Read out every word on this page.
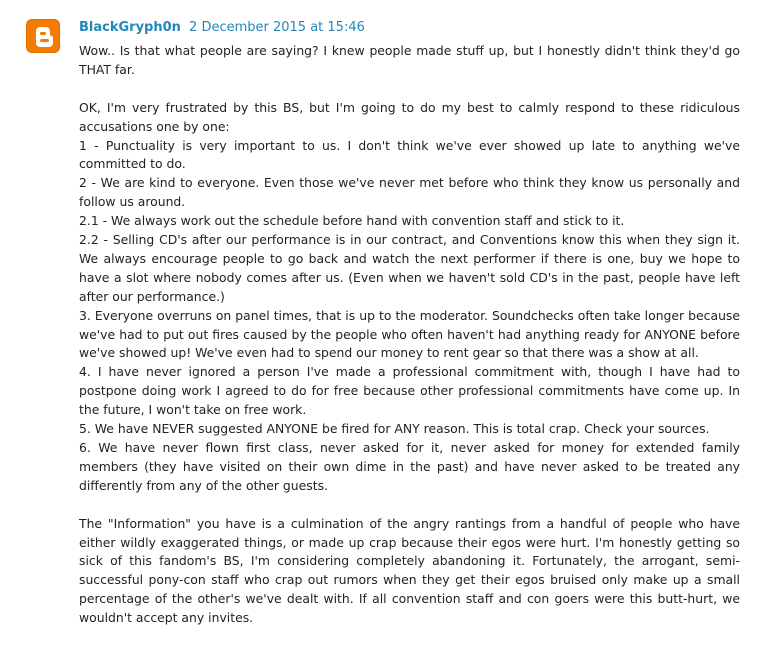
BlackGryph0n 2 December 2015 at 15:46

Wow.. Is that what people are saying? I knew people made stuff up, but I honestly didn't think they'd go THAT far.

OK, I'm very frustrated by this BS, but I'm going to do my best to calmly respond to these ridiculous accusations one by one:

1 - Punctuality is very important to us. I don't think we've ever showed up late to anything we've committed to do.

2 - We are kind to everyone. Even those we've never met before who think they know us personally and follow us around.

2.1 - We always work out the schedule before hand with convention staff and stick to it.

2.2 - Selling CD's after our performance is in our contract, and Conventions know this when they sign it. We always encourage people to go back and watch the next performer if there is one, buy we hope to have a slot where nobody comes after us. (Even when we haven't sold CD's in the past, people have left after our performance.)

3. Everyone overruns on panel times, that is up to the moderator. Soundchecks often take longer because we've had to put out fires caused by the people who often haven't had anything ready for ANYONE before we've showed up! We've even had to spend our money to rent gear so that there was a show at all.

4. I have never ignored a person I've made a professional commitment with, though I have had to postpone doing work I agreed to do for free because other professional commitments have come up. In the future, I won't take on free work.

5. We have NEVER suggested ANYONE be fired for ANY reason. This is total crap. Check your sources.

6. We have never flown first class, never asked for it, never asked for money for extended family members (they have visited on their own dime in the past) and have never asked to be treated any differently from any of the other guests.

The "Information" you have is a culmination of the angry rantings from a handful of people who have either wildly exaggerated things, or made up crap because their egos were hurt. I'm honestly getting so sick of this fandom's BS, I'm considering completely abandoning it. Fortunately, the arrogant, semi-successful pony-con staff who crap out rumors when they get their egos bruised only make up a small percentage of the other's we've dealt with. If all convention staff and con goers were this butt-hurt, we wouldn't accept any invites.
